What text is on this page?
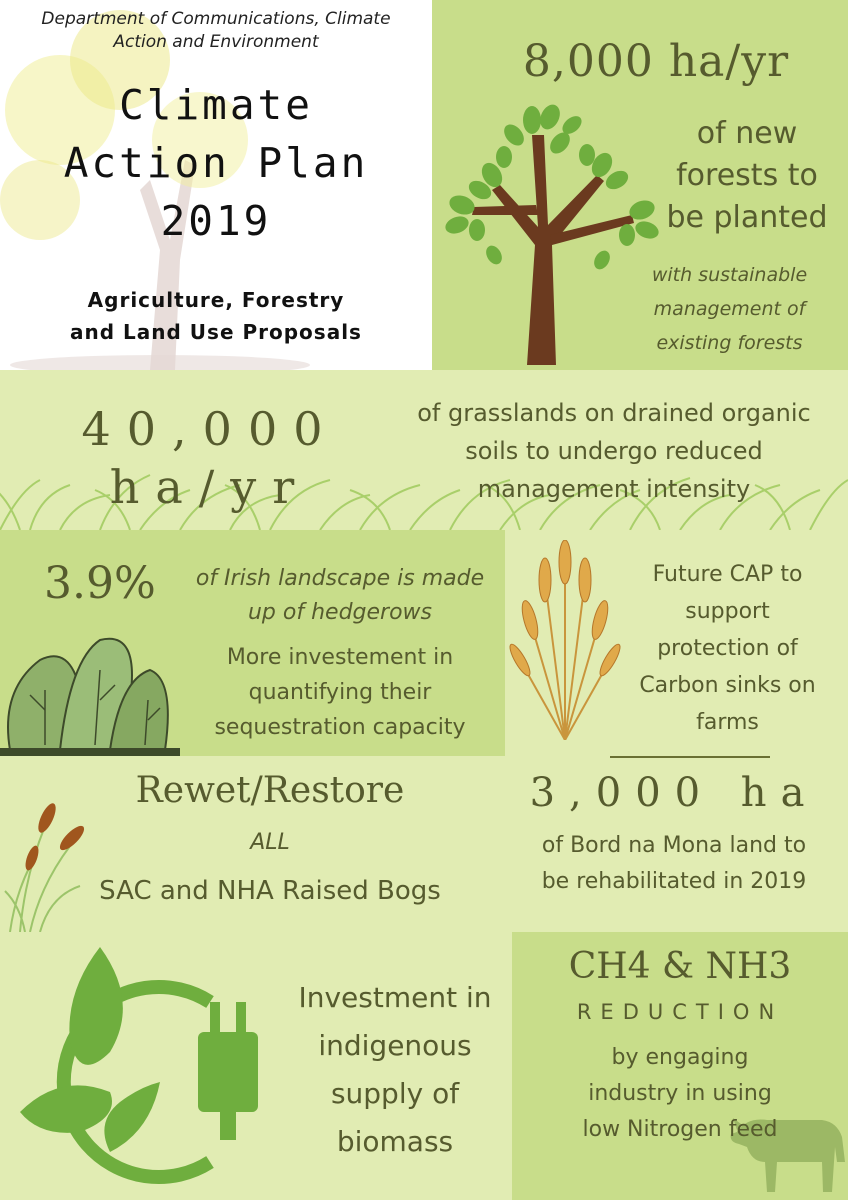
Department of Communications, Climate Action and Environment
Climate
Action Plan
2019
Agriculture, Forestry
and Land Use Proposals
8,000 ha/yr
of new
forests to
be planted
with sustainable
management of
existing forests
40,000
ha/yr
of grasslands on drained organic
soils to undergo reduced
management intensity
3.9% of Irish landscape is made
up of hedgerows
More investement in
quantifying their
sequestration capacity
Future CAP to
support
protection of
Carbon sinks on
farms
Rewet/Restore
ALL
SAC and NHA Raised Bogs
3,000 ha
of Bord na Mona land to
be rehabilitated in 2019
Investment in
indigenous
supply of
biomass
CH4 & NH3
REDUCTION
by engaging
industry in using
low Nitrogen feed
